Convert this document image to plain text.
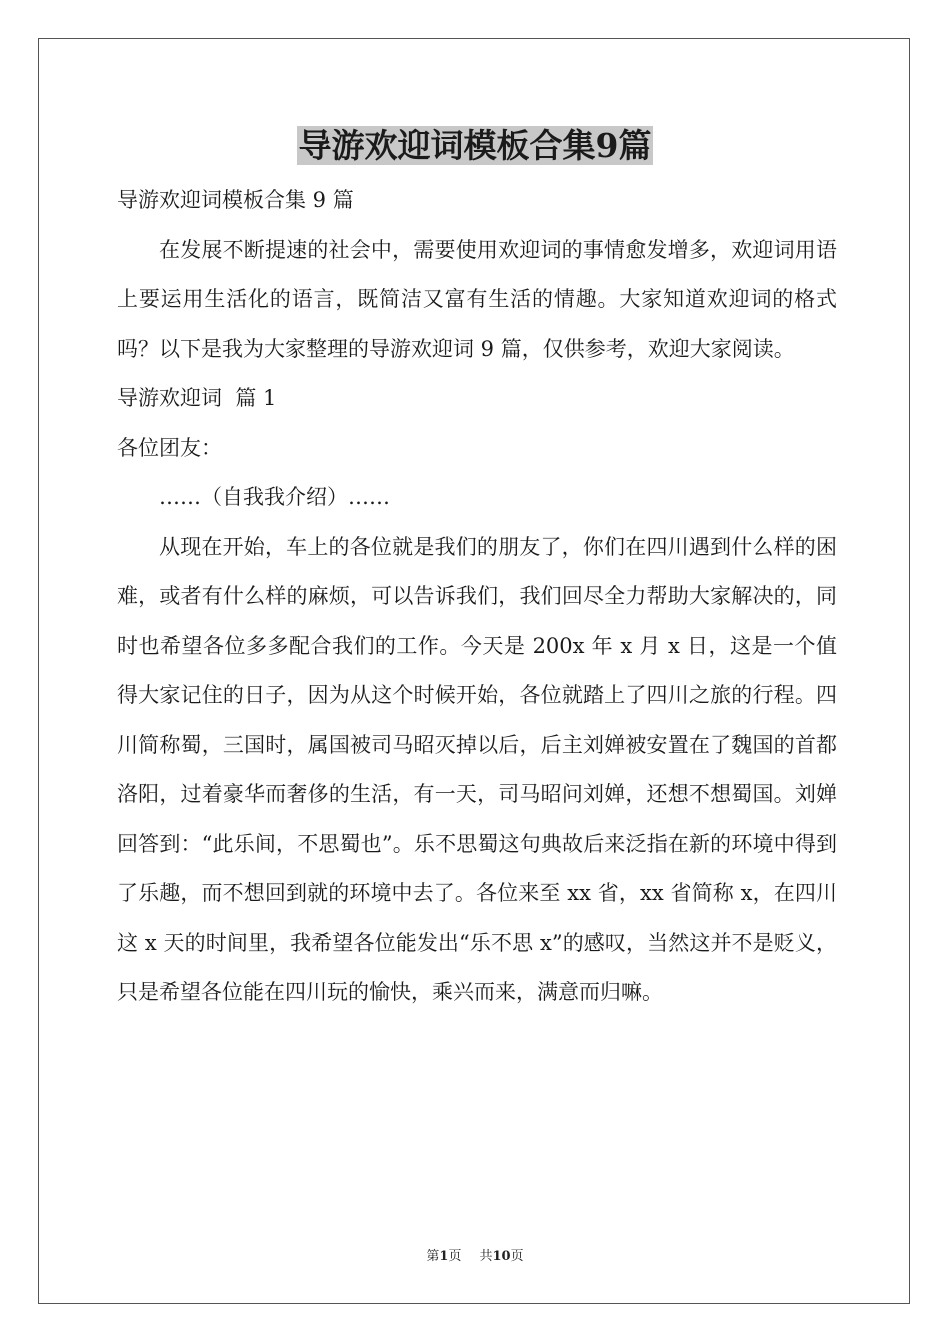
导游欢迎词模板合集9篇

导游欢迎词模板合集 9 篇

在发展不断提速的社会中，需要使用欢迎词的事情愈发增多，欢迎词用语上要运用生活化的语言，既简洁又富有生活的情趣。大家知道欢迎词的格式吗？以下是我为大家整理的导游欢迎词 9 篇，仅供参考，欢迎大家阅读。

导游欢迎词  篇 1

各位团友：

……（自我我介绍）……

从现在开始，车上的各位就是我们的朋友了，你们在四川遇到什么样的困难，或者有什么样的麻烦，可以告诉我们，我们回尽全力帮助大家解决的，同时也希望各位多多配合我们的工作。今天是 200x 年 x 月 x 日，这是一个值得大家记住的日子，因为从这个时候开始，各位就踏上了四川之旅的行程。四川简称蜀，三国时，属国被司马昭灭掉以后，后主刘婵被安置在了魏国的首都洛阳，过着豪华而奢侈的生活，有一天，司马昭问刘婵，还想不想蜀国。刘婵回答到：“此乐间，不思蜀也”。乐不思蜀这句典故后来泛指在新的环境中得到了乐趣，而不想回到就的环境中去了。各位来至 xx 省，xx 省简称 x，在四川这 x 天的时间里，我希望各位能发出“乐不思 x”的感叹，当然这并不是贬义，只是希望各位能在四川玩的愉快，乘兴而来，满意而归嘛。

第1页 共10页
